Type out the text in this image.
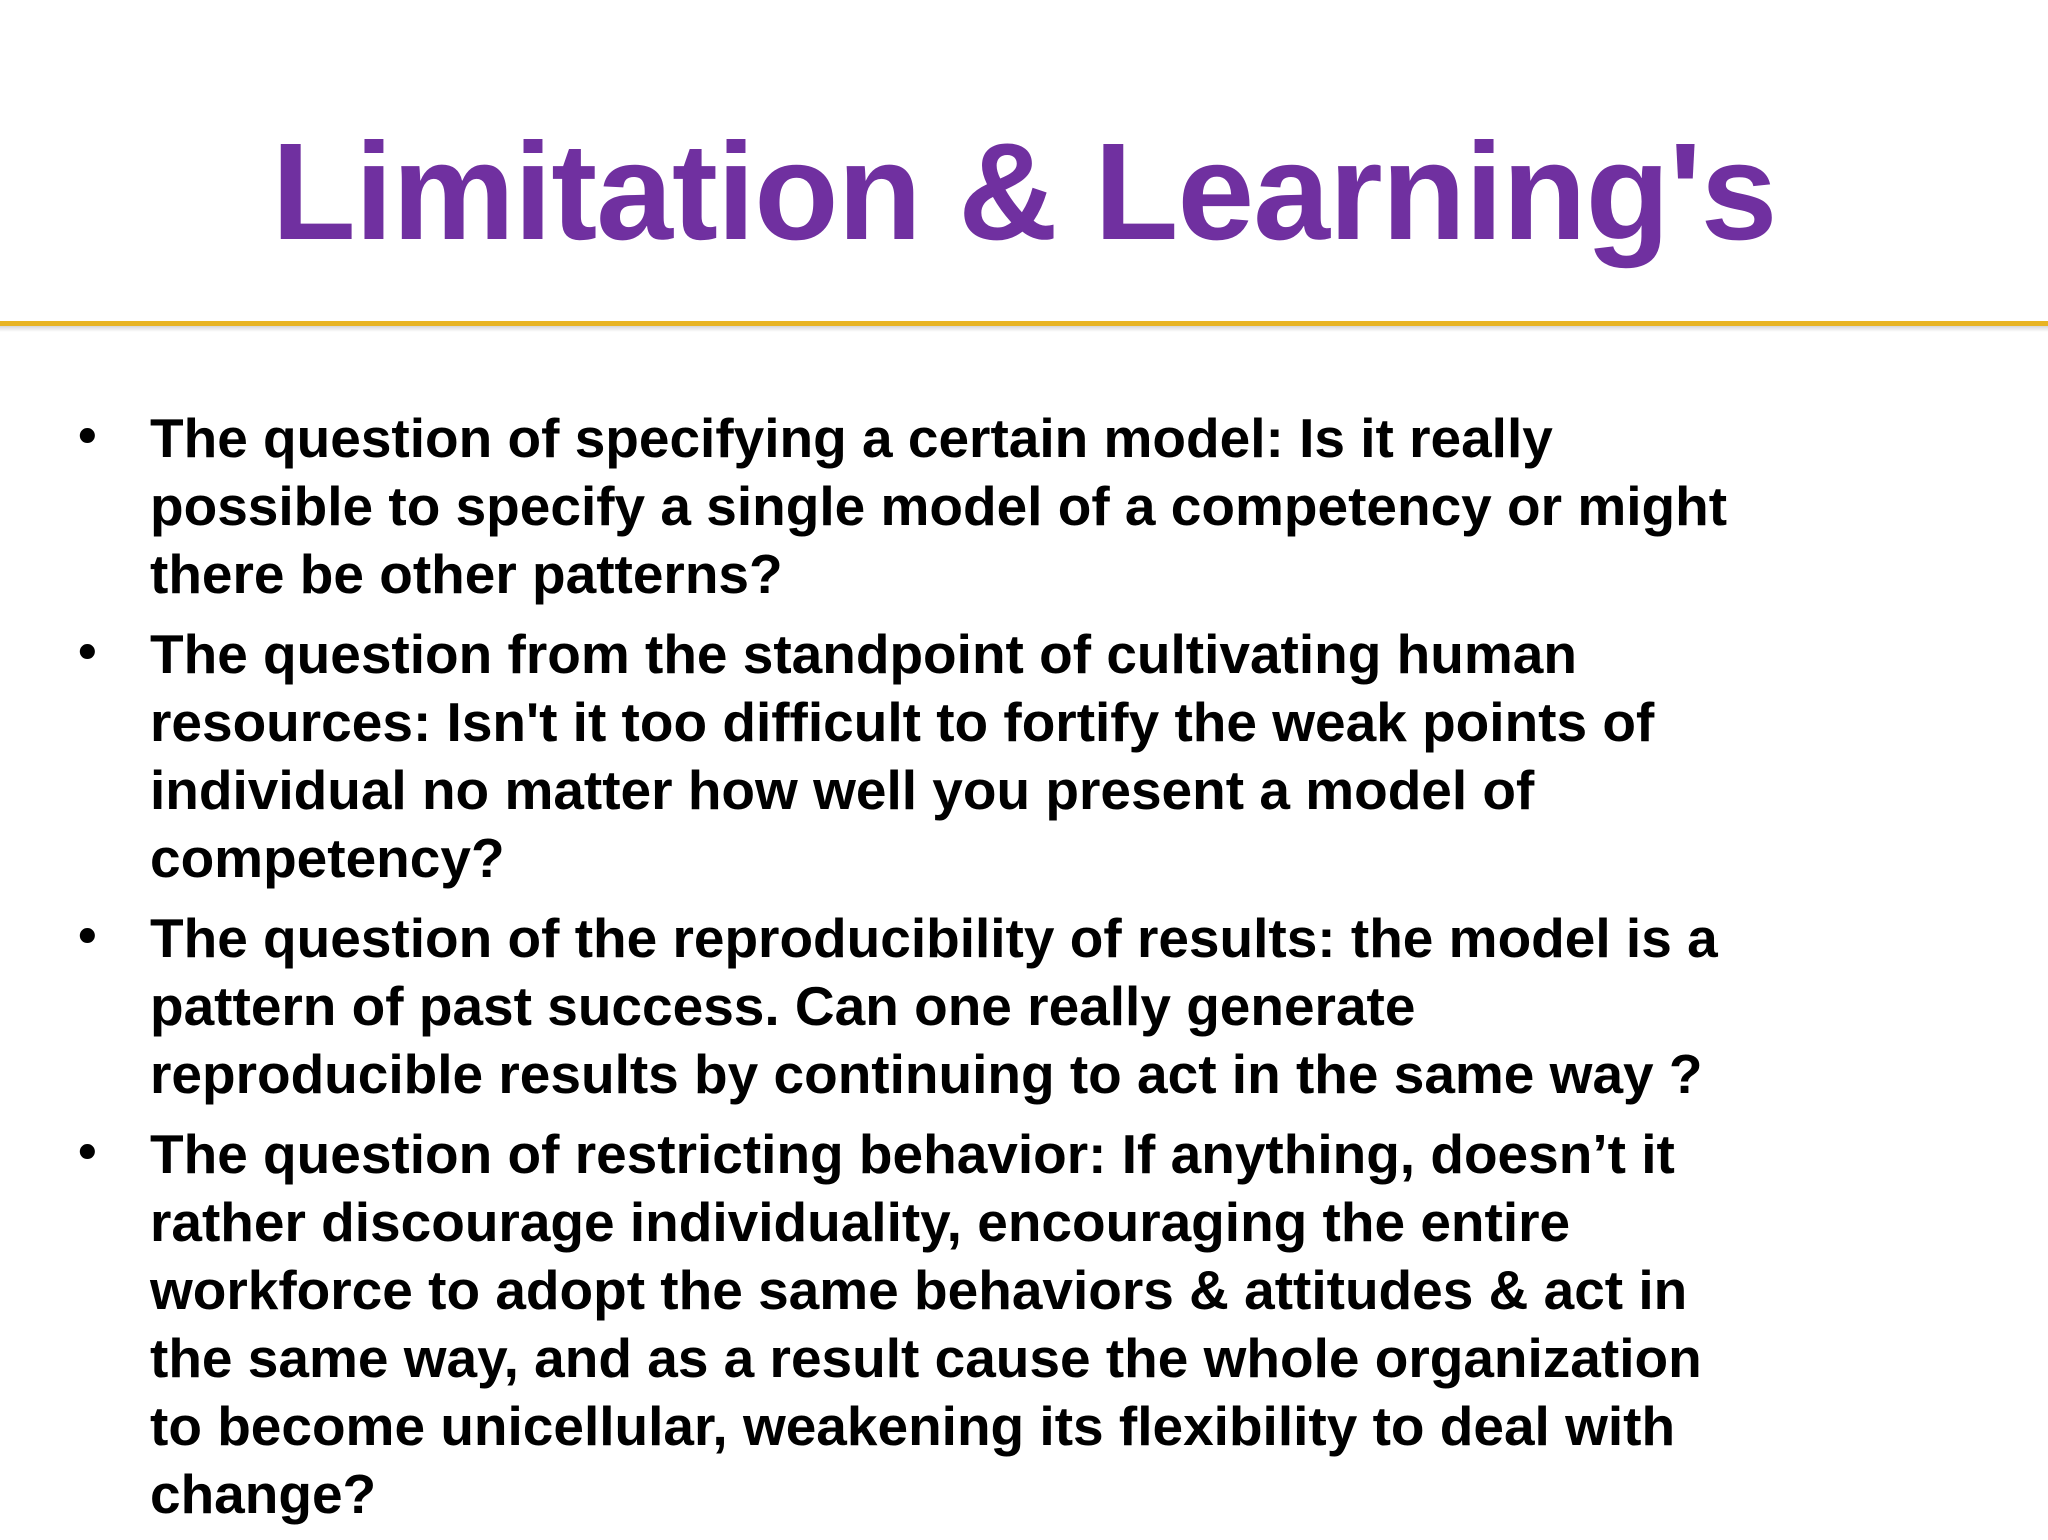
Limitation & Learning's
• The question of specifying a certain model: Is it really
possible to specify a single model of a competency or might
there be other patterns?
• The question from the standpoint of cultivating human
resources: Isn't it too difficult to fortify the weak points of
individual no matter how well you present a model of
competency?
• The question of the reproducibility of results: the model is a
pattern of past success. Can one really generate
reproducible results by continuing to act in the same way ?
• The question of restricting behavior: If anything, doesn’t it
rather discourage individuality, encouraging the entire
workforce to adopt the same behaviors & attitudes & act in
the same way, and as a result cause the whole organization
to become unicellular, weakening its flexibility to deal with
change?
